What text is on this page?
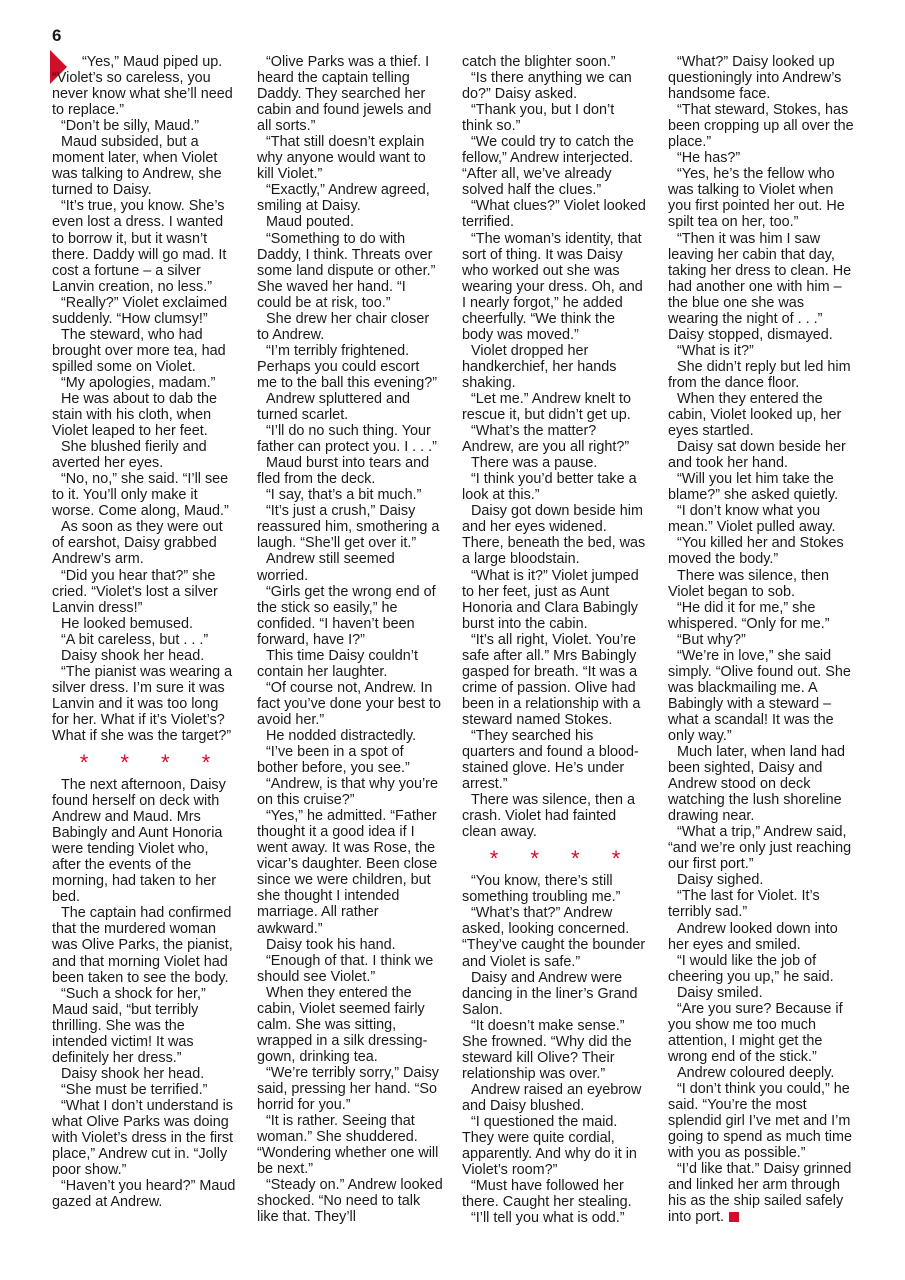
6

“Yes,” Maud piped up. “Violet’s so careless, you never know what she’ll need to replace.”

“Don’t be silly, Maud.”

Maud subsided, but a moment later, when Violet was talking to Andrew, she turned to Daisy.

“It’s true, you know. She’s even lost a dress. I wanted to borrow it, but it wasn’t there. Daddy will go mad. It cost a fortune – a silver Lanvin creation, no less.”

“Really?” Violet exclaimed suddenly. “How clumsy!”

The steward, who had brought over more tea, had spilled some on Violet.

“My apologies, madam.”

He was about to dab the stain with his cloth, when Violet leaped to her feet.

She blushed fierily and averted her eyes.

“No, no,” she said. “I’ll see to it. You’ll only make it worse. Come along, Maud.”

As soon as they were out of earshot, Daisy grabbed Andrew’s arm.

“Did you hear that?” she cried. “Violet’s lost a silver Lanvin dress!”

He looked bemused.

“A bit careless, but . . .”

Daisy shook her head.

“The pianist was wearing a silver dress. I’m sure it was Lanvin and it was too long for her. What if it’s Violet’s? What if she was the target?”

* * * *

The next afternoon, Daisy found herself on deck with Andrew and Maud. Mrs Babingly and Aunt Honoria were tending Violet who, after the events of the morning, had taken to her bed.

The captain had confirmed that the murdered woman was Olive Parks, the pianist, and that morning Violet had been taken to see the body.

“Such a shock for her,” Maud said, “but terribly thrilling. She was the intended victim! It was definitely her dress.”

Daisy shook her head.

“She must be terrified.”

“What I don’t understand is what Olive Parks was doing with Violet’s dress in the first place,” Andrew cut in. “Jolly poor show.”

“Haven’t you heard?” Maud gazed at Andrew.

“Olive Parks was a thief. I heard the captain telling Daddy. They searched her cabin and found jewels and all sorts.”

“That still doesn’t explain why anyone would want to kill Violet.”

“Exactly,” Andrew agreed, smiling at Daisy.

Maud pouted.

“Something to do with Daddy, I think. Threats over some land dispute or other.” She waved her hand. “I could be at risk, too.”

She drew her chair closer to Andrew.

“I’m terribly frightened. Perhaps you could escort me to the ball this evening?”

Andrew spluttered and turned scarlet.

“I’ll do no such thing. Your father can protect you. I . . .”

Maud burst into tears and fled from the deck.

“I say, that’s a bit much.”

“It’s just a crush,” Daisy reassured him, smothering a laugh. “She’ll get over it.”

Andrew still seemed worried.

“Girls get the wrong end of the stick so easily,” he confided. “I haven’t been forward, have I?”

This time Daisy couldn’t contain her laughter.

“Of course not, Andrew. In fact you’ve done your best to avoid her.”

He nodded distractedly.

“I’ve been in a spot of bother before, you see.”

“Andrew, is that why you’re on this cruise?”

“Yes,” he admitted. “Father thought it a good idea if I went away. It was Rose, the vicar’s daughter. Been close since we were children, but she thought I intended marriage. All rather awkward.”

Daisy took his hand.

“Enough of that. I think we should see Violet.”

When they entered the cabin, Violet seemed fairly calm. She was sitting, wrapped in a silk dressing-gown, drinking tea.

“We’re terribly sorry,” Daisy said, pressing her hand. “So horrid for you.”

“It is rather. Seeing that woman.” She shuddered. “Wondering whether one will be next.”

“Steady on.” Andrew looked shocked. “No need to talk like that. They’ll

catch the blighter soon.”

“Is there anything we can do?” Daisy asked.

“Thank you, but I don’t think so.”

“We could try to catch the fellow,” Andrew interjected. “After all, we’ve already solved half the clues.”

“What clues?” Violet looked terrified.

“The woman’s identity, that sort of thing. It was Daisy who worked out she was wearing your dress. Oh, and I nearly forgot,” he added cheerfully. “We think the body was moved.”

Violet dropped her handkerchief, her hands shaking.

“Let me.” Andrew knelt to rescue it, but didn’t get up.

“What’s the matter? Andrew, are you all right?”

There was a pause.

“I think you’d better take a look at this.”

Daisy got down beside him and her eyes widened. There, beneath the bed, was a large bloodstain.

“What is it?” Violet jumped to her feet, just as Aunt Honoria and Clara Babingly burst into the cabin.

“It’s all right, Violet. You’re safe after all.” Mrs Babingly gasped for breath. “It was a crime of passion. Olive had been in a relationship with a steward named Stokes.

“They searched his quarters and found a blood-stained glove. He’s under arrest.”

There was silence, then a crash. Violet had fainted clean away.

* * * *

“You know, there’s still something troubling me.”

“What’s that?” Andrew asked, looking concerned. “They’ve caught the bounder and Violet is safe.”

Daisy and Andrew were dancing in the liner’s Grand Salon.

“It doesn’t make sense.” She frowned. “Why did the steward kill Olive? Their relationship was over.”

Andrew raised an eyebrow and Daisy blushed.

“I questioned the maid. They were quite cordial, apparently. And why do it in Violet’s room?”

“Must have followed her there. Caught her stealing.

“I’ll tell you what is odd.”

“What?” Daisy looked up questioningly into Andrew’s handsome face.

“That steward, Stokes, has been cropping up all over the place.”

“He has?”

“Yes, he’s the fellow who was talking to Violet when you first pointed her out. He spilt tea on her, too.”

“Then it was him I saw leaving her cabin that day, taking her dress to clean. He had another one with him – the blue one she was wearing the night of . . .” Daisy stopped, dismayed.

“What is it?”

She didn’t reply but led him from the dance floor.

When they entered the cabin, Violet looked up, her eyes startled.

Daisy sat down beside her and took her hand.

“Will you let him take the blame?” she asked quietly.

“I don’t know what you mean.” Violet pulled away.

“You killed her and Stokes moved the body.”

There was silence, then Violet began to sob.

“He did it for me,” she whispered. “Only for me.”

“But why?”

“We’re in love,” she said simply. “Olive found out. She was blackmailing me. A Babingly with a steward – what a scandal! It was the only way.”

Much later, when land had been sighted, Daisy and Andrew stood on deck watching the lush shoreline drawing near.

“What a trip,” Andrew said, “and we’re only just reaching our first port.”

Daisy sighed.

“The last for Violet. It’s terribly sad.”

Andrew looked down into her eyes and smiled.

“I would like the job of cheering you up,” he said.

Daisy smiled.

“Are you sure? Because if you show me too much attention, I might get the wrong end of the stick.”

Andrew coloured deeply.

“I don’t think you could,” he said. “You’re the most splendid girl I’ve met and I’m going to spend as much time with you as possible.”

“I’d like that.” Daisy grinned and linked her arm through his as the ship sailed safely into port.
